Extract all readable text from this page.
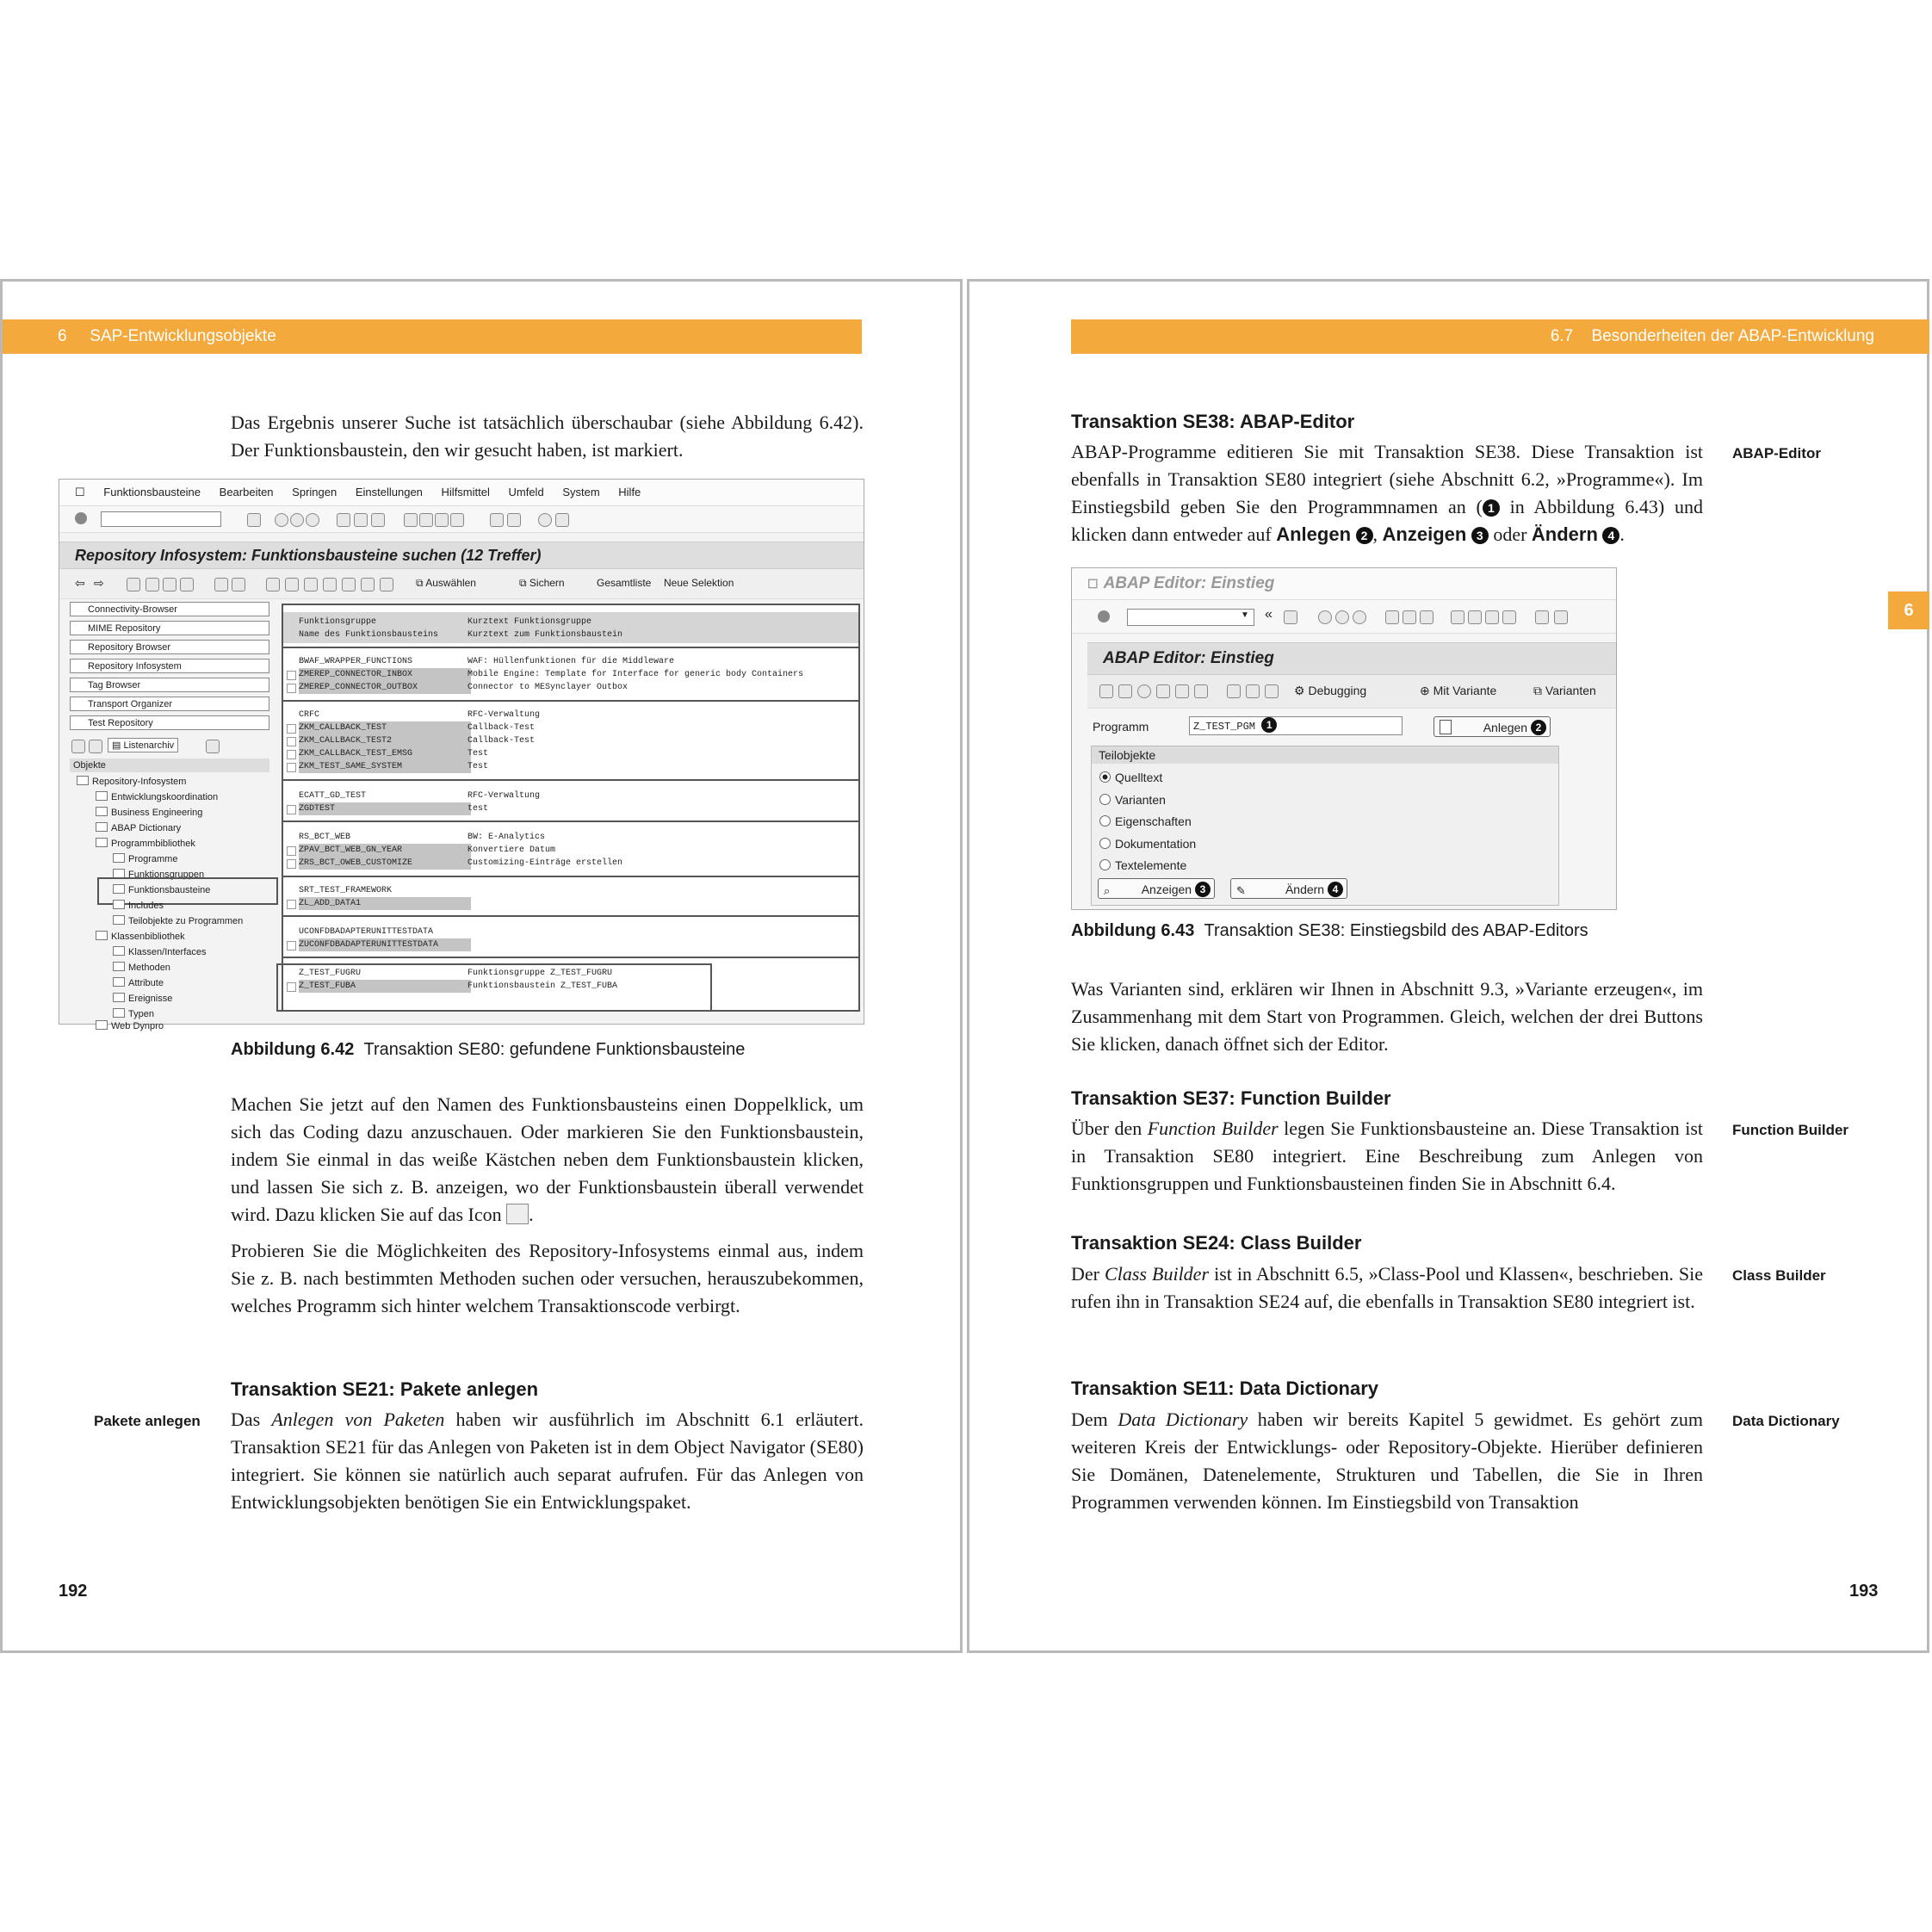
6 SAP-Entwicklungsobjekte

Das Ergebnis unserer Suche ist tatsächlich überschaubar (siehe Abbildung 6.42). Der Funktionsbaustein, den wir gesucht haben, ist markiert.

☐ Funktionsbausteine Bearbeiten Springen Einstellungen Hilfsmittel Umfeld System Hilfe
Repository Infosystem: Funktionsbausteine suchen (12 Treffer)
⇦ ⇨	⧉ Auswählen	⧉ Sichern	Gesamtliste Neue Selektion
Connectivity-Browser
MIME Repository
Repository Browser
Repository Infosystem
Tag Browser
Transport Organizer
Test Repository
▤ Listenarchiv
Objekte
Repository-Infosystem
Entwicklungskoordination
Business Engineering
ABAP Dictionary
Programmbibliothek
Programme
Funktionsgruppen
Funktionsbausteine
Includes
Teilobjekte zu Programmen
Klassenbibliothek
Klassen/Interfaces
Methoden
Attribute
Ereignisse
Typen
Web Dynpro
Funktionsgruppe	Kurztext Funktionsgruppe
Name des Funktionsbausteins	Kurztext zum Funktionsbaustein
BWAF_WRAPPER_FUNCTIONS	WAF: Hüllenfunktionen für die Middleware
ZMEREP_CONNECTOR_INBOX	Mobile Engine: Template for Interface for generic body Containers
ZMEREP_CONNECTOR_OUTBOX	Connector to MESynclayer Outbox
CRFC	RFC-Verwaltung
ZKM_CALLBACK_TEST	Callback-Test
ZKM_CALLBACK_TEST2	Callback-Test
ZKM_CALLBACK_TEST_EMSG	Test
ZKM_TEST_SAME_SYSTEM	Test
ECATT_GD_TEST	RFC-Verwaltung
ZGDTEST	test
RS_BCT_WEB	BW: E-Analytics
ZPAV_BCT_WEB_GN_YEAR	Konvertiere Datum
ZRS_BCT_OWEB_CUSTOMIZE	Customizing-Einträge erstellen
SRT_TEST_FRAMEWORK
ZL_ADD_DATA1
UCONFDBADAPTERUNITTESTDATA
ZUCONFDBADAPTERUNITTESTDATA
Z_TEST_FUGRU	Funktionsgruppe Z_TEST_FUGRU
Z_TEST_FUBA	Funktionsbaustein Z_TEST_FUBA
Abbildung 6.42 Transaktion SE80: gefundene Funktionsbausteine

Machen Sie jetzt auf den Namen des Funktionsbausteins einen Doppelklick, um sich das Coding dazu anzuschauen. Oder markieren Sie den Funktionsbaustein, indem Sie einmal in das weiße Kästchen neben dem Funktionsbaustein klicken, und lassen Sie sich z. B. anzeigen, wo der Funktionsbaustein überall verwendet wird. Dazu klicken Sie auf das Icon .

Probieren Sie die Möglichkeiten des Repository-Infosystems einmal aus, indem Sie z. B. nach bestimmten Methoden suchen oder versuchen, herauszubekommen, welches Programm sich hinter welchem Transaktionscode verbirgt.

Transaktion SE21: Pakete anlegen
Pakete anlegen Das Anlegen von Paketen haben wir ausführlich im Abschnitt 6.1 erläutert. Transaktion SE21 für das Anlegen von Paketen ist in dem Object Navigator (SE80) integriert. Sie können sie natürlich auch separat aufrufen. Für das Anlegen von Entwicklungsobjekten benötigen Sie ein Entwicklungspaket.

192
6.7 Besonderheiten der ABAP-Entwicklung
6
Transaktion SE38: ABAP-Editor
ABAP-Editor

ABAP-Programme editieren Sie mit Transaktion SE38. Diese Transaktion ist ebenfalls in Transaktion SE80 integriert (siehe Abschnitt 6.2, »Programme«). Im Einstiegsbild geben Sie den Programmnamen an ( 1 in Abbildung 6.43) und klicken dann entweder auf Anlegen 2 , Anzeigen 3 oder Ändern 4 .

☐ ABAP Editor: Einstieg
▼ «
ABAP Editor: Einstieg
⚙ Debugging	⊕ Mit Variante	⧉ Varianten
Programm	Z_TEST_PGM 1	Anlegen 2
Teilobjekte
Quelltext
Varianten
Eigenschaften
Dokumentation
Textelemente
⌕	Anzeigen 3	✎	Ändern 4
Abbildung 6.43 Transaktion SE38: Einstiegsbild des ABAP-Editors

Was Varianten sind, erklären wir Ihnen in Abschnitt 9.3, »Variante erzeugen«, im Zusammenhang mit dem Start von Programmen. Gleich, welchen der drei Buttons Sie klicken, danach öffnet sich der Editor.

Transaktion SE37: Function Builder
Function Builder

Über den Function Builder legen Sie Funktionsbausteine an. Diese Transaktion ist in Transaktion SE80 integriert. Eine Beschreibung zum Anlegen von Funktionsgruppen und Funktionsbausteinen finden Sie in Abschnitt 6.4.

Transaktion SE24: Class Builder
Class Builder

Der Class Builder ist in Abschnitt 6.5, »Class-Pool und Klassen«, beschrieben. Sie rufen ihn in Transaktion SE24 auf, die ebenfalls in Transaktion SE80 integriert ist.

Transaktion SE11: Data Dictionary
Data Dictionary

Dem Data Dictionary haben wir bereits Kapitel 5 gewidmet. Es gehört zum weiteren Kreis der Entwicklungs- oder Repository-Objekte. Hierüber definieren Sie Domänen, Datenelemente, Strukturen und Tabellen, die Sie in Ihren Programmen verwenden können. Im Einstiegsbild von Transaktion

193
